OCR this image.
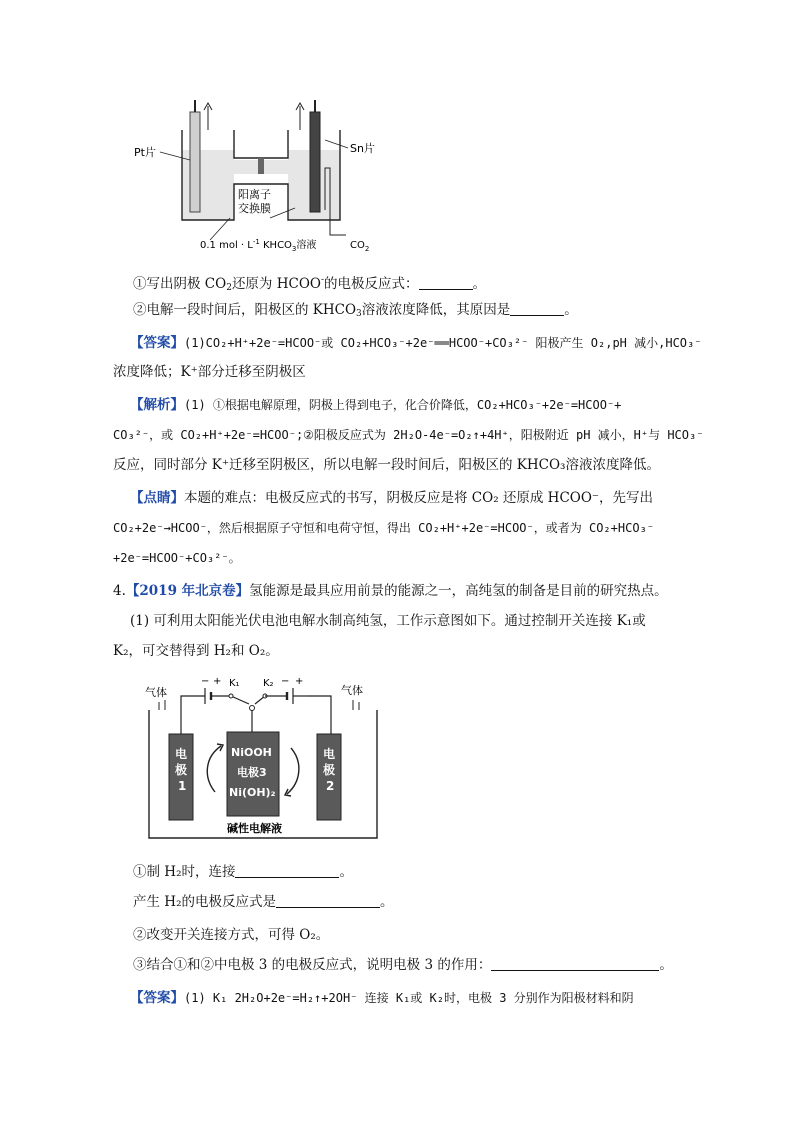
Pt片	Sn片
阳离子
交换膜
0.1 mol · $L^{-1}$ $KHCO_3$溶液	$CO_2$
①写出阴极 $CO_2$还原为 HCOO-的电极反应式：	。
②电解一段时间后，阳极区的 $KHCO_3$溶液浓度降低，其原因是	。
【答案】(1)CO₂+H⁺+2e⁻=HCOO⁻或 CO₂+HCO₃⁻+2e⁻══HCOO⁻+CO₃²⁻ 阳极产生 O₂,pH 减小,HCO₃⁻
浓度降低；K⁺部分迁移至阴极区
【解析】(1) ①根据电解原理，阴极上得到电子，化合价降低，CO₂+HCO₃⁻+2e⁻=HCOO⁻+
CO₃²⁻，或 CO₂+H⁺+2e⁻=HCOO⁻;②阳极反应式为 2H₂O-4e⁻=O₂↑+4H⁺，阳极附近 pH 减小，H⁺与 HCO₃⁻
反应，同时部分 K⁺迁移至阴极区，所以电解一段时间后，阳极区的 KHCO₃溶液浓度降低。
【点睛】本题的难点：电极反应式的书写，阴极反应是将 CO₂ 还原成 HCOO⁻，先写出
CO₂+2e⁻→HCOO⁻，然后根据原子守恒和电荷守恒，得出 CO₂+H⁺+2e⁻=HCOO⁻，或者为 CO₂+HCO₃⁻
+2e⁻=HCOO⁻+CO₃²⁻。
4.【2019 年北京卷】氢能源是最具应用前景的能源之一，高纯氢的制备是目前的研究热点。
(1) 可利用太阳能光伏电池电解水制高纯氢，工作示意图如下。通过控制开关连接 K₁或
K₂，可交替得到 H₂和 O₂。
气体	气体
− + K₁ K₂ − +
电
极
1
电
极
2
NiOOH
电极3
Ni(OH)₂
碱性电解液
①制 H₂时，连接	。
产生 H₂的电极反应式是	。
②改变开关连接方式，可得 O₂。
③结合①和②中电极 3 的电极反应式，说明电极 3 的作用：	。
【答案】(1) K₁ 2H₂O+2e⁻=H₂↑+2OH⁻ 连接 K₁或 K₂时，电极 3 分别作为阳极材料和阴
